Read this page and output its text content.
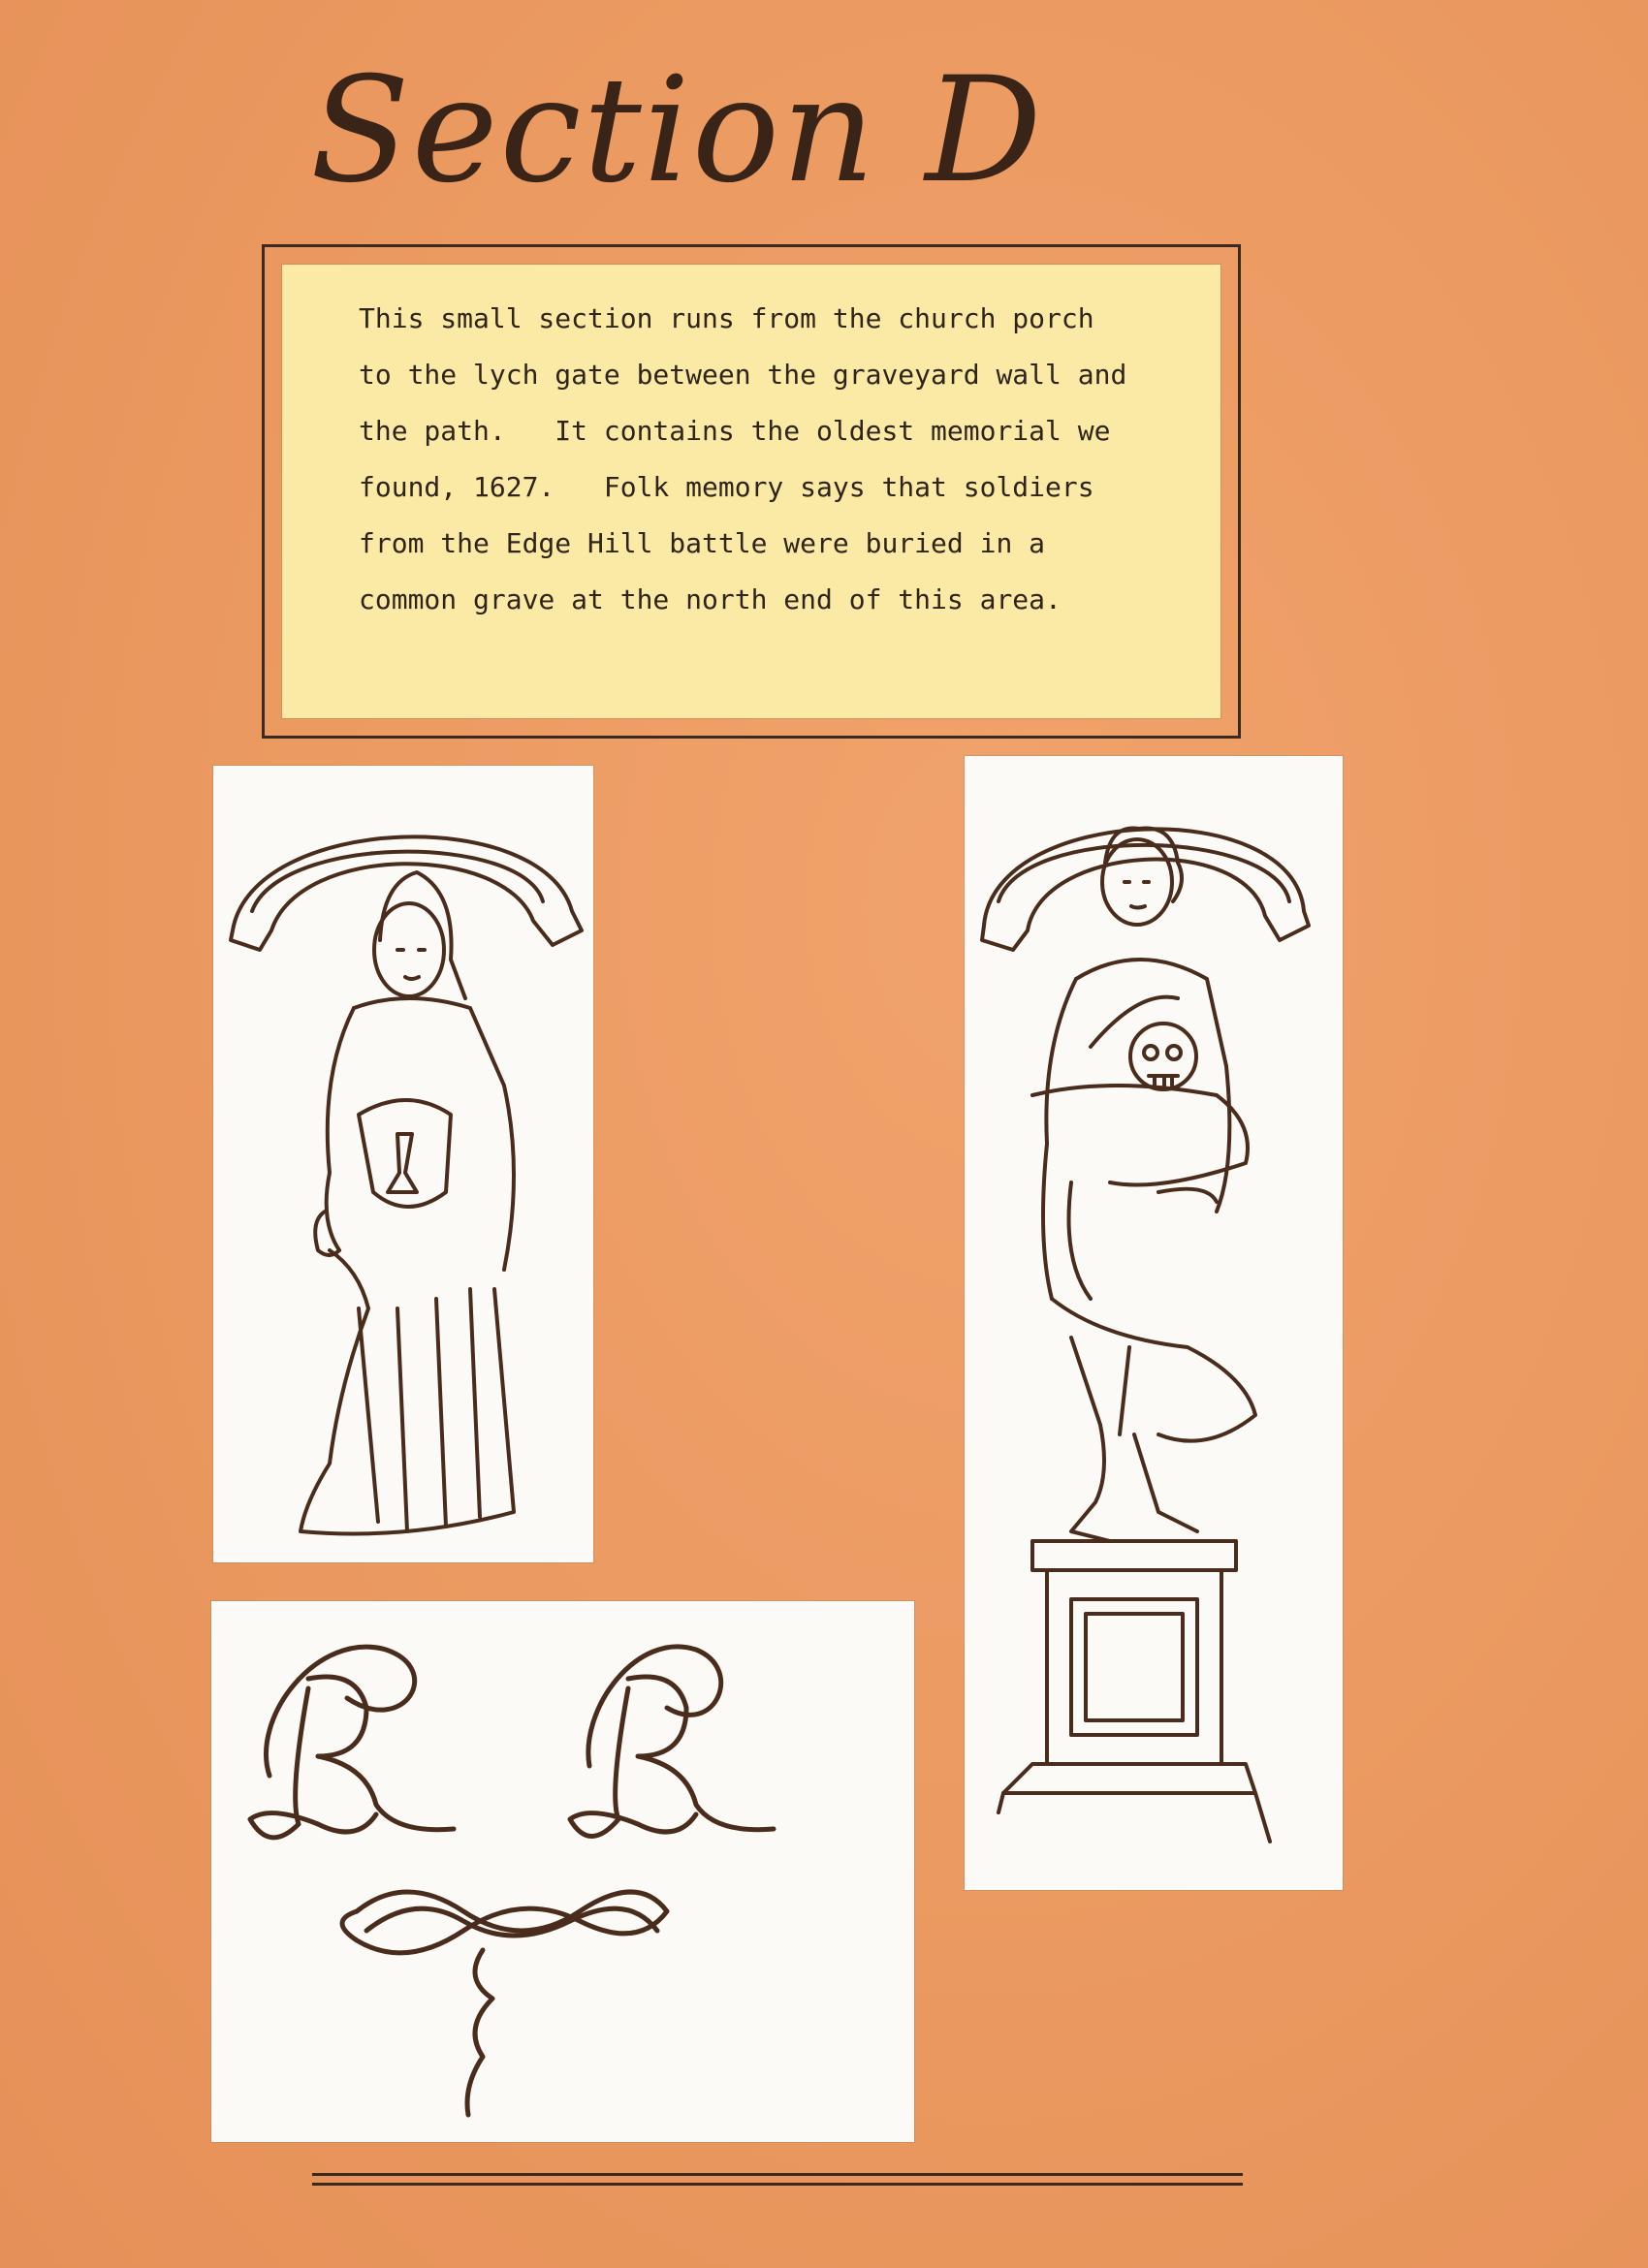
Section D
This small section runs from the church porch
to the lych gate between the graveyard wall and
the path.   It contains the oldest memorial we
found, 1627.   Folk memory says that soldiers
from the Edge Hill battle were buried in a
common grave at the north end of this area.
